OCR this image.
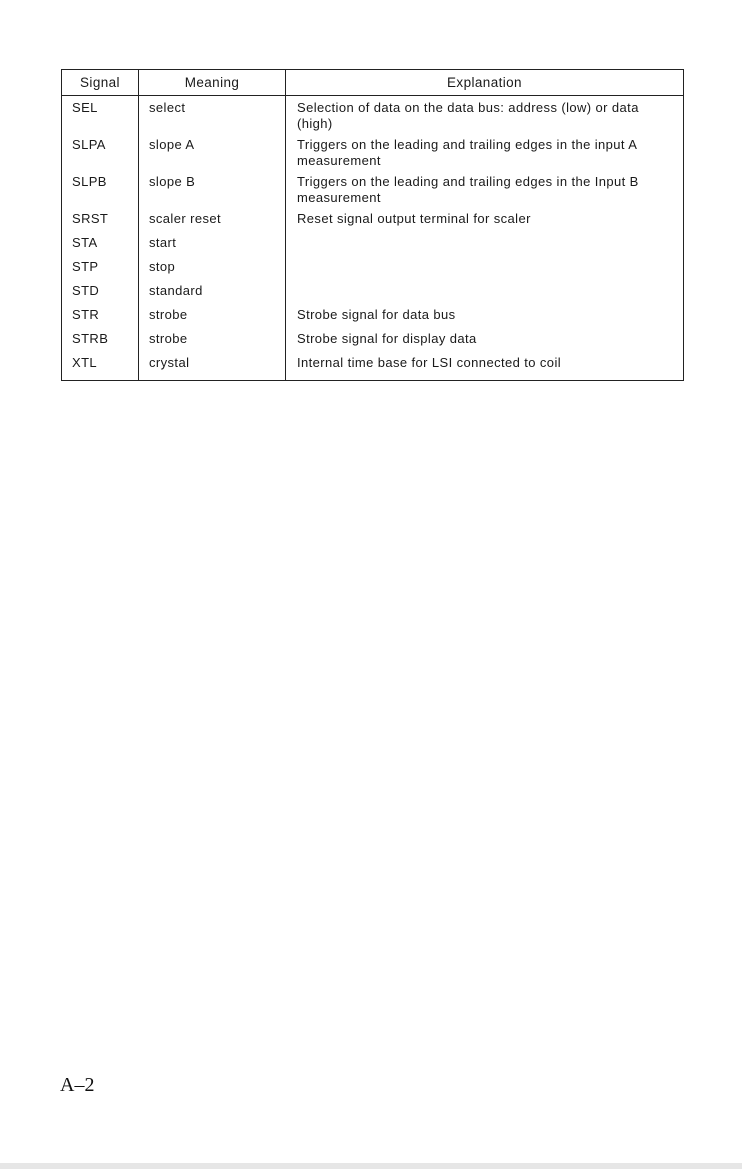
Signal	Meaning	Explanation
SEL	select	Selection of data on the data bus: address (low) or data (high)
SLPA	slope A	Triggers on the leading and trailing edges in the input A measurement
SLPB	slope B	Triggers on the leading and trailing edges in the Input B measurement
SRST	scaler reset	Reset signal output terminal for scaler
STA	start	
STP	stop	
STD	standard	
STR	strobe	Strobe signal for data bus
STRB	strobe	Strobe signal for display data
XTL	crystal	Internal time base for LSI connected to coil
A–2
